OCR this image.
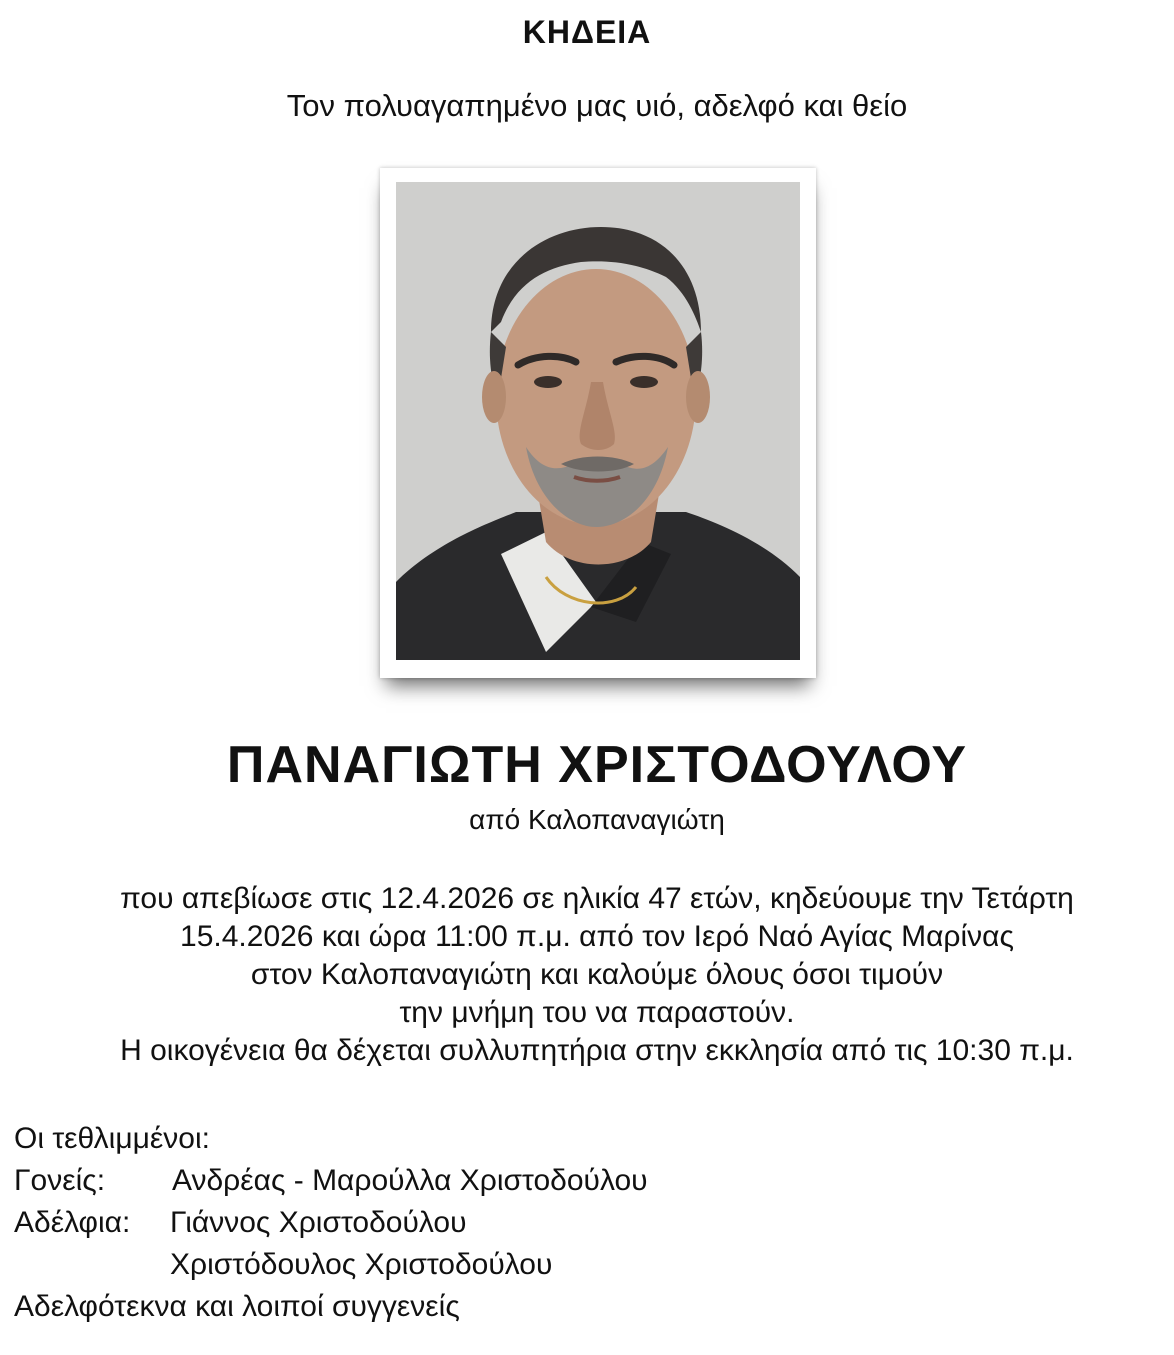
ΚΗΔΕΙΑ
Τον πολυαγαπημένο μας υιό, αδελφό και θείο
ΠΑΝΑΓΙΩΤΗ ΧΡΙΣΤΟΔΟΥΛΟΥ
από Καλοπαναγιώτη
που απεβίωσε στις 12.4.2026 σε ηλικία 47 ετών, κηδεύουμε την Τετάρτη
15.4.2026 και ώρα 11:00 π.μ. από τον Ιερό Ναό Αγίας Μαρίνας
στον Καλοπαναγιώτη και καλούμε όλους όσοι τιμούν
την μνήμη του να παραστούν.
Η οικογένεια θα δέχεται συλλυπητήρια στην εκκλησία από τις 10:30 π.μ.
Οι τεθλιμμένοι:
Γονείς: Ανδρέας - Μαρούλλα Χριστοδούλου
Αδέλφια: Γιάννος Χριστοδούλου
Χριστόδουλος Χριστοδούλου
Αδελφότεκνα και λοιποί συγγενείς
